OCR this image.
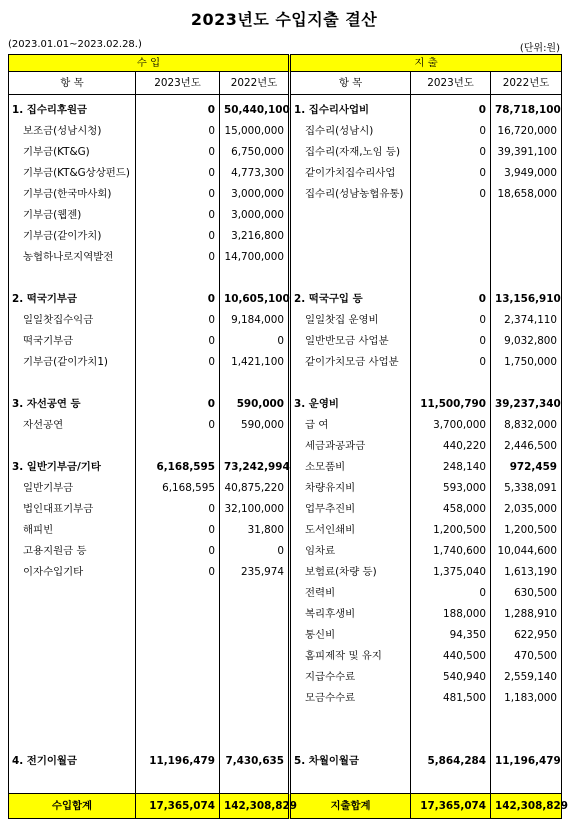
2023년도 수입지출 결산
(2023.01.01~2023.02.28.)	(단위:원)
수 입			지 출		
항 목	2023년도	2022년도	항 목	2023년도	2022년도

1. 집수리후원금	0	50,440,100	1. 집수리사업비	0	78,718,100
보조금(성남시청)	0	15,000,000	집수리(성남시)	0	16,720,000
기부금(KT&G)	0	6,750,000	집수리(자재,노임 등)	0	39,391,100
기부금(KT&G상상펀드)	0	4,773,300	같이가치집수리사업	0	3,949,000
기부금(한국마사회)	0	3,000,000	집수리(성남농협유통)	0	18,658,000
기부금(웹젠)	0	3,000,000			
기부금(같이가치)	0	3,216,800			
농협하나로지역발전	0	14,700,000			

2. 떡국기부금	0	10,605,100	2. 떡국구입 등	0	13,156,910
일일찻집수익금	0	9,184,000	일일찻집 운영비	0	2,374,110
떡국기부금	0	0	일반반모금 사업분	0	9,032,800
기부금(같이가치1)	0	1,421,100	같이가치모금 사업분	0	1,750,000

3. 자선공연 등	0	590,000	3. 운영비	11,500,790	39,237,340
자선공연	0	590,000	급 여	3,700,000	8,832,000
			세금과공과금	440,220	2,446,500
3. 일반기부금/기타	6,168,595	73,242,994	소모품비	248,140	972,459
일반기부금	6,168,595	40,875,220	차량유지비	593,000	5,338,091
법인대표기부금	0	32,100,000	업무추진비	458,000	2,035,000
해피빈	0	31,800	도서인쇄비	1,200,500	1,200,500
고용지원금 등	0	0	임차료	1,740,600	10,044,600
이자수입기타	0	235,974	보험료(차량 등)	1,375,040	1,613,190
			전력비	0	630,500
			복리후생비	188,000	1,288,910
			통신비	94,350	622,950
			홈피제작 및 유지	440,500	470,500
			지급수수료	540,940	2,559,140
			모금수수료	481,500	1,183,000

4. 전기이월금	11,196,479	7,430,635	5. 차월이월금	5,864,284	11,196,479

수입합계	17,365,074	142,308,829	지출합계	17,365,074	142,308,829
